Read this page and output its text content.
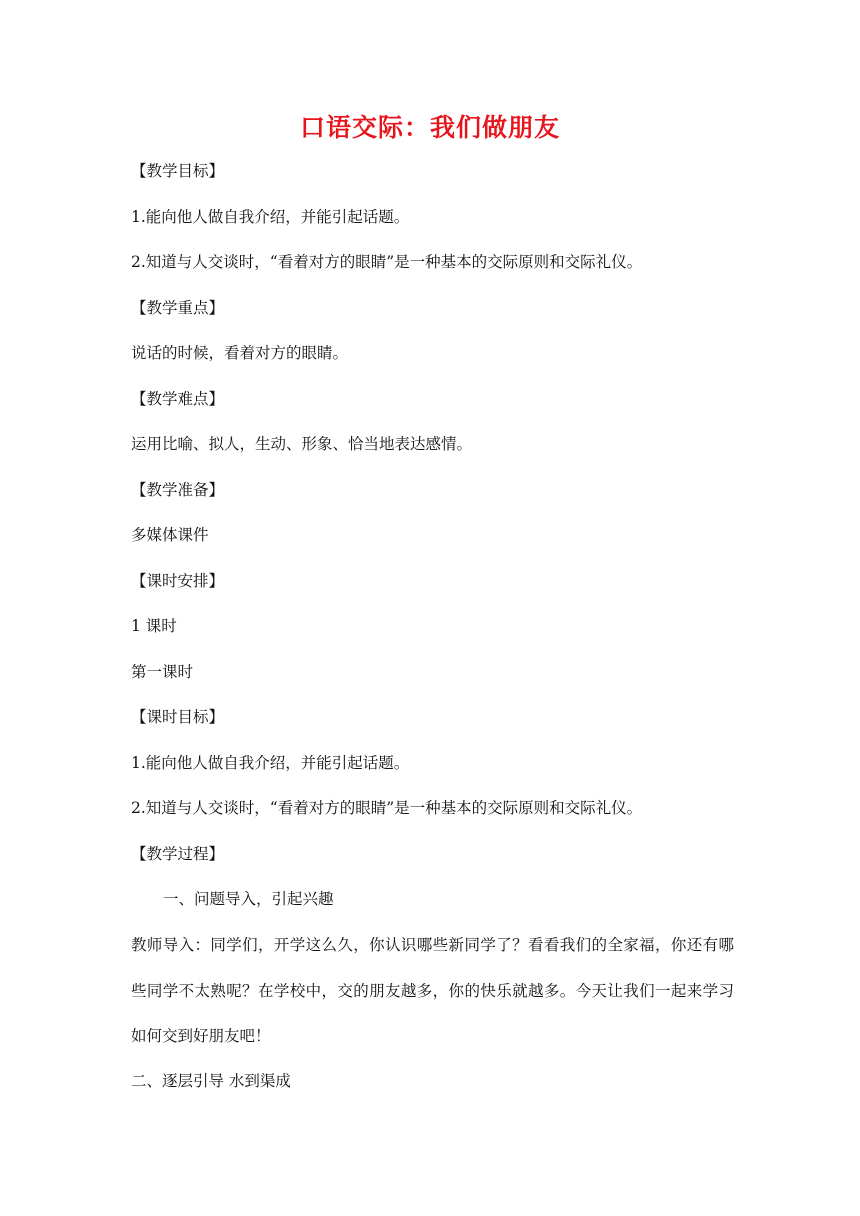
口语交际：我们做朋友
【教学目标】
1.能向他人做自我介绍，并能引起话题。
2.知道与人交谈时，“看着对方的眼睛”是一种基本的交际原则和交际礼仪。
【教学重点】
说话的时候，看着对方的眼睛。
【教学难点】
运用比喻、拟人，生动、形象、恰当地表达感情。
【教学准备】
多媒体课件
【课时安排】
1 课时
第一课时
【课时目标】
1.能向他人做自我介绍，并能引起话题。
2.知道与人交谈时，“看着对方的眼睛”是一种基本的交际原则和交际礼仪。
【教学过程】
一、问题导入，引起兴趣
教师导入：同学们，开学这么久，你认识哪些新同学了？看看我们的全家福，你还有哪些同学不太熟呢？在学校中，交的朋友越多，你的快乐就越多。今天让我们一起来学习如何交到好朋友吧！
二、逐层引导 水到渠成
